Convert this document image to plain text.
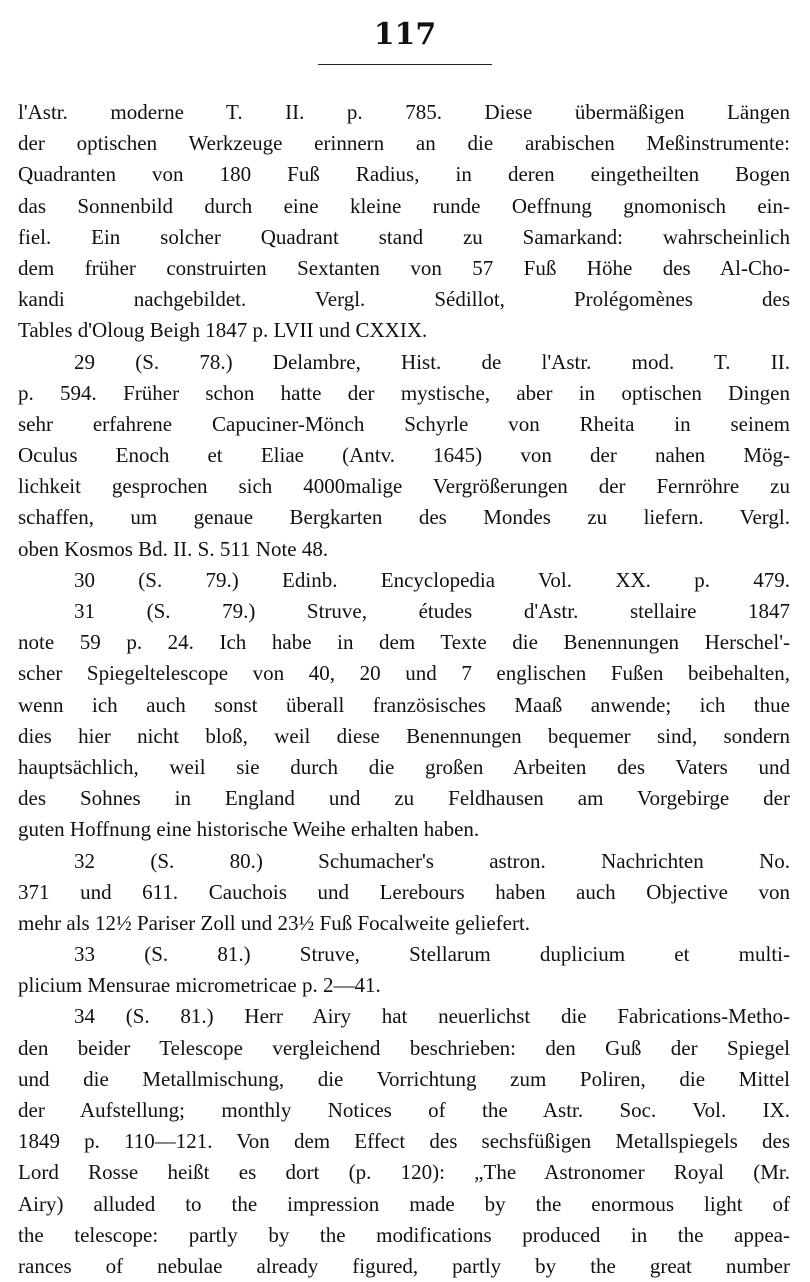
117
l'Astr. moderne T. II. p. 785. Diese übermäßigen Längen
der optischen Werkzeuge erinnern an die arabischen Meßinstrumente:
Quadranten von 180 Fuß Radius, in deren eingetheilten Bogen
das Sonnenbild durch eine kleine runde Oeffnung gnomonisch ein-
fiel. Ein solcher Quadrant stand zu Samarkand: wahrscheinlich
dem früher construirten Sextanten von 57 Fuß Höhe des Al-Cho-
kandi nachgebildet. Vergl. Sédillot, Prolégomènes des
Tables d'Oloug Beigh 1847 p. LVII und CXXIX.
29 (S. 78.) Delambre, Hist. de l'Astr. mod. T. II.
p. 594. Früher schon hatte der mystische, aber in optischen Dingen
sehr erfahrene Capuciner-Mönch Schyrle von Rheita in seinem
Oculus Enoch et Eliae (Antv. 1645) von der nahen Mög-
lichkeit gesprochen sich 4000malige Vergrößerungen der Fernröhre zu
schaffen, um genaue Bergkarten des Mondes zu liefern. Vergl.
oben Kosmos Bd. II. S. 511 Note 48.
30 (S. 79.) Edinb. Encyclopedia Vol. XX. p. 479.
31 (S. 79.) Struve, études d'Astr. stellaire 1847
note 59 p. 24. Ich habe in dem Texte die Benennungen Herschel'-
scher Spiegeltelescope von 40, 20 und 7 englischen Fußen beibehalten,
wenn ich auch sonst überall französisches Maaß anwende; ich thue
dies hier nicht bloß, weil diese Benennungen bequemer sind, sondern
hauptsächlich, weil sie durch die großen Arbeiten des Vaters und
des Sohnes in England und zu Feldhausen am Vorgebirge der
guten Hoffnung eine historische Weihe erhalten haben.
32 (S. 80.) Schumacher's astron. Nachrichten No.
371 und 611. Cauchois und Lerebours haben auch Objective von
mehr als 12½ Pariser Zoll und 23½ Fuß Focalweite geliefert.
33 (S. 81.) Struve, Stellarum duplicium et multi-
plicium Mensurae micrometricae p. 2—41.
34 (S. 81.) Herr Airy hat neuerlichst die Fabrications-Metho-
den beider Telescope vergleichend beschrieben: den Guß der Spiegel
und die Metallmischung, die Vorrichtung zum Poliren, die Mittel
der Aufstellung; monthly Notices of the Astr. Soc. Vol. IX.
1849 p. 110—121. Von dem Effect des sechsfüßigen Metallspiegels des
Lord Rosse heißt es dort (p. 120): „The Astronomer Royal (Mr.
Airy) alluded to the impression made by the enormous light of
the telescope: partly by the modifications produced in the appea-
rances of nebulae already figured, partly by the great number
